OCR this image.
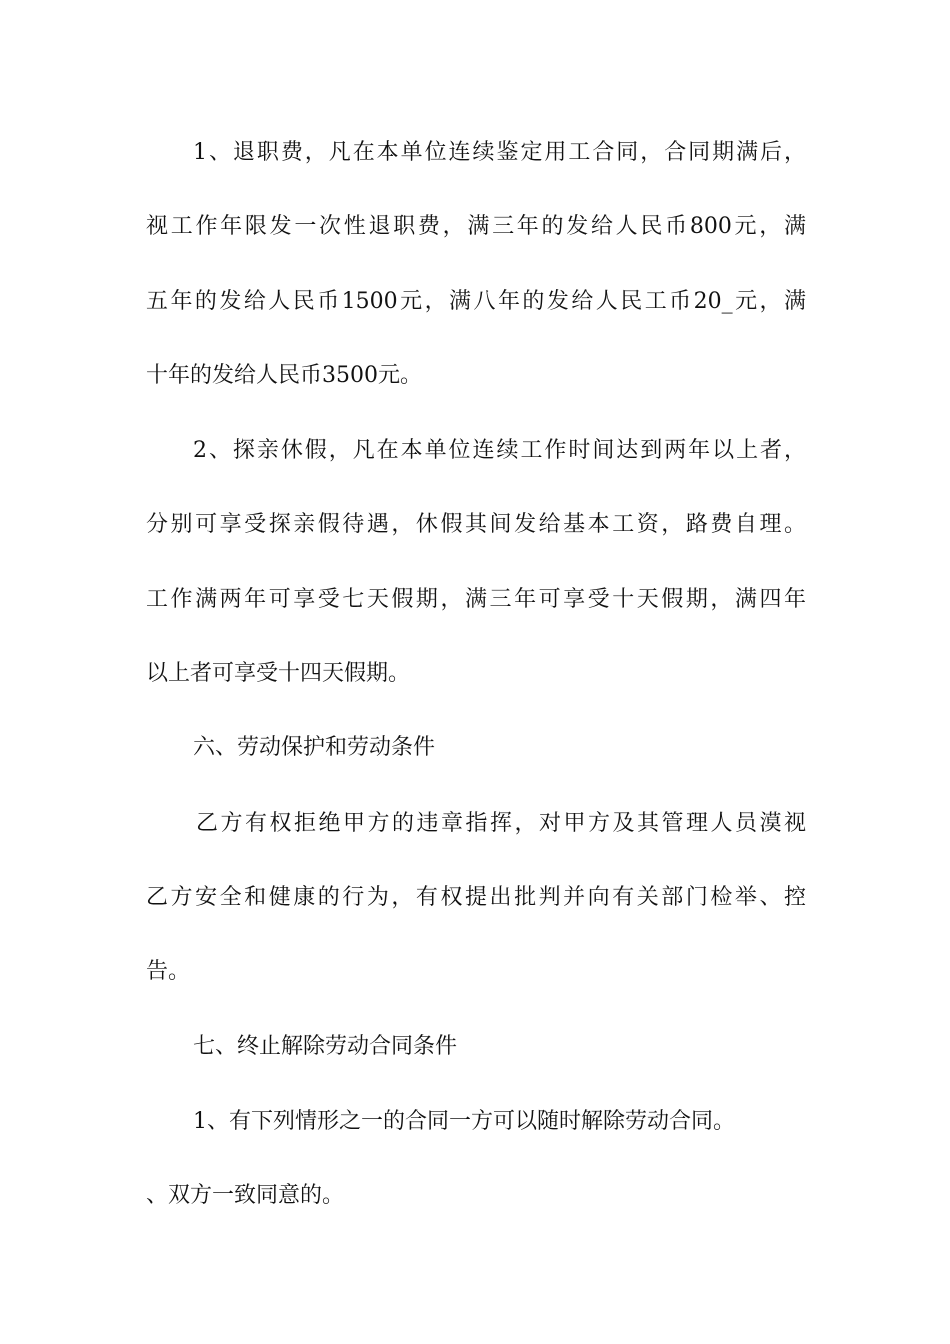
1、退职费，凡在本单位连续鉴定用工合同，合同期满后，
视工作年限发一次性退职费，满三年的发给人民币800元，满
五年的发给人民币1500元，满八年的发给人民工币20_元，满
十年的发给人民币3500元。
2、探亲休假，凡在本单位连续工作时间达到两年以上者，
分别可享受探亲假待遇，休假其间发给基本工资，路费自理。
工作满两年可享受七天假期，满三年可享受十天假期，满四年
以上者可享受十四天假期。
六、劳动保护和劳动条件
乙方有权拒绝甲方的违章指挥，对甲方及其管理人员漠视
乙方安全和健康的行为，有权提出批判并向有关部门检举、控
告。
七、终止解除劳动合同条件
1、有下列情形之一的合同一方可以随时解除劳动合同。
、双方一致同意的。
